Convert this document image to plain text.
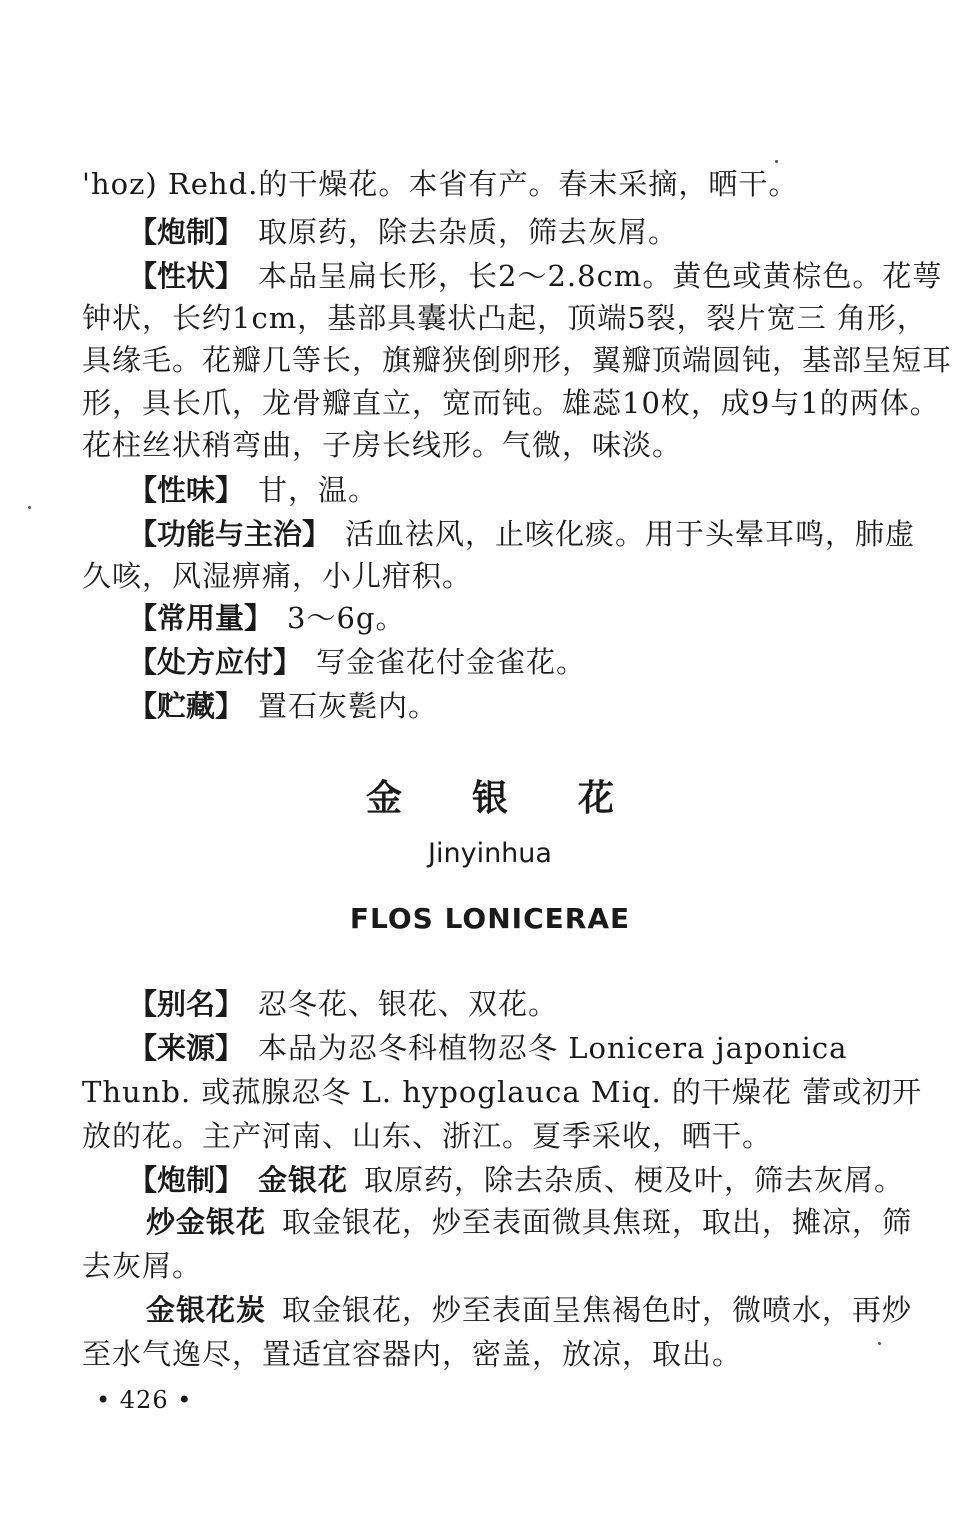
'hoz) Rehd.的干燥花。本省有产。春末采摘，晒干。
【炮制】 取原药，除去杂质，筛去灰屑。
【性状】 本品呈扁长形，长2～2.8cm。黄色或黄棕色。花萼
钟状，长约1cm，基部具囊状凸起，顶端5裂，裂片宽三 角形，
具缘毛。花瓣几等长，旗瓣狭倒卵形，翼瓣顶端圆钝，基部呈短耳
形，具长爪，龙骨瓣直立，宽而钝。雄蕊10枚，成9与1的两体。
花柱丝状稍弯曲，子房长线形。气微，味淡。
【性味】 甘，温。
【功能与主治】 活血祛风，止咳化痰。用于头晕耳鸣，肺虚
久咳，风湿痹痛，小儿疳积。
【常用量】 3～6g。
【处方应付】 写金雀花付金雀花。
【贮藏】 置石灰甏内。
金银花
Jinyinhua
FLOS LONICERAE
【别名】 忍冬花、银花、双花。
【来源】 本品为忍冬科植物忍冬 Lonicera japonica
Thunb. 或菰腺忍冬 L. hypoglauca Miq. 的干燥花 蕾或初开
放的花。主产河南、山东、浙江。夏季采收，晒干。
【炮制】 金银花 取原药，除去杂质、梗及叶，筛去灰屑。
炒金银花 取金银花，炒至表面微具焦斑，取出，摊凉，筛
去灰屑。
金银花炭 取金银花，炒至表面呈焦褐色时，微喷水，再炒
至水气逸尽，置适宜容器内，密盖，放凉，取出。
• 426 •
